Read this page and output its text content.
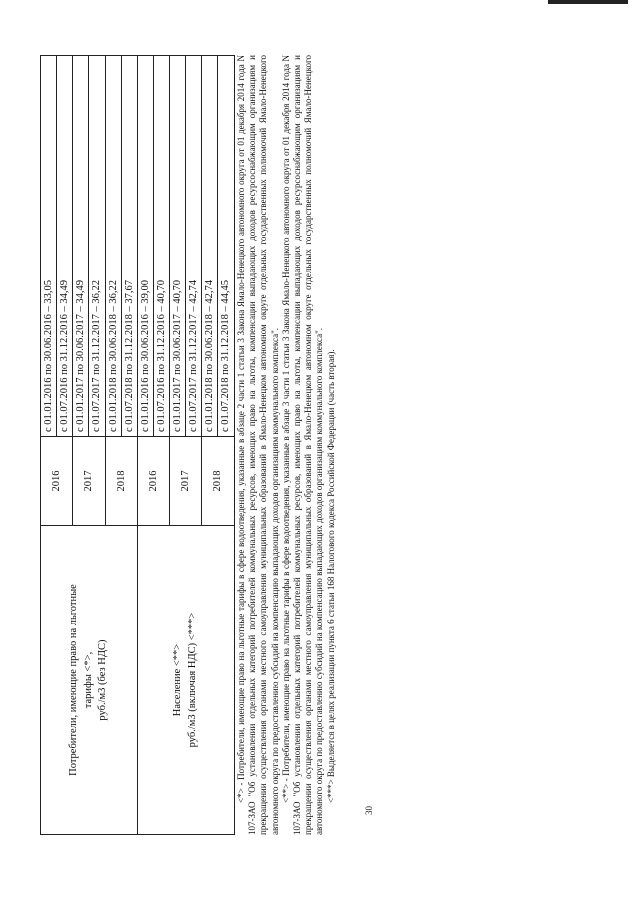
Потребители, имеющие право на льготные тарифы <*>, руб./м3 (без НДС)	2016	с 01.01.2016 по 30.06.2016 – 33,05
		с 01.07.2016 по 31.12.2016 – 34,49
	2017	с 01.01.2017 по 30.06.2017 – 34,49
		с 01.07.2017 по 31.12.2017 – 36,22
	2018	с 01.01.2018 по 30.06.2018 – 36,22
		с 01.07.2018 по 31.12.2018 – 37,67

Население <**> руб./м3 (включая НДС) <***>	2016	с 01.01.2016 по 30.06.2016 – 39,00
		с 01.07.2016 по 31.12.2016 – 40,70
	2017	с 01.01.2017 по 30.06.2017 – 40,70
		с 01.07.2017 по 31.12.2017 – 42,74
	2018	с 01.01.2018 по 30.06.2018 – 42,74
		с 01.07.2018 по 31.12.2018 – 44,45 <*> - Потребители, имеющие право на льготные тарифы в сфере водоотведения, указанные в абзаце 2 части 1 статьи 3 Закона Ямало-Ненецкого автономного округа от 01 декабря 2014 года N 107-ЗАО "Об установлении отдельных категорий потребителей коммунальных ресурсов, имеющих право на льготы, компенсации выпадающих доходов ресурсоснабжающим организациям и прекращении осуществления органами местного самоуправления муниципальных образований в Ямало-Ненецком автономном округе отдельных государственных полномочий Ямало-Ненецкого автономного округа по предоставлению субсидий на компенсацию выпадающих доходов организациям коммунального комплекса". <**> - Потребители, имеющие право на льготные тарифы в сфере водоотведения, указанные в абзаце 3 части 1 статьи 3 Закона Ямало-Ненецкого автономного округа от 01 декабря 2014 года N 107-ЗАО "Об установлении отдельных категорий потребителей коммунальных ресурсов, имеющих право на льготы, компенсации выпадающих доходов ресурсоснабжающим организациям и прекращении осуществления органами местного самоуправления муниципальных образований в Ямало-Ненецком автономном округе отдельных государственных полномочий Ямало-Ненецкого автономного округа по предоставлению субсидий на компенсацию выпадающих доходов организациям коммунального комплекса". <***> Выделяется в целях реализации пункта 6 статьи 168 Налогового кодекса Российской Федерации (часть вторая).

30
